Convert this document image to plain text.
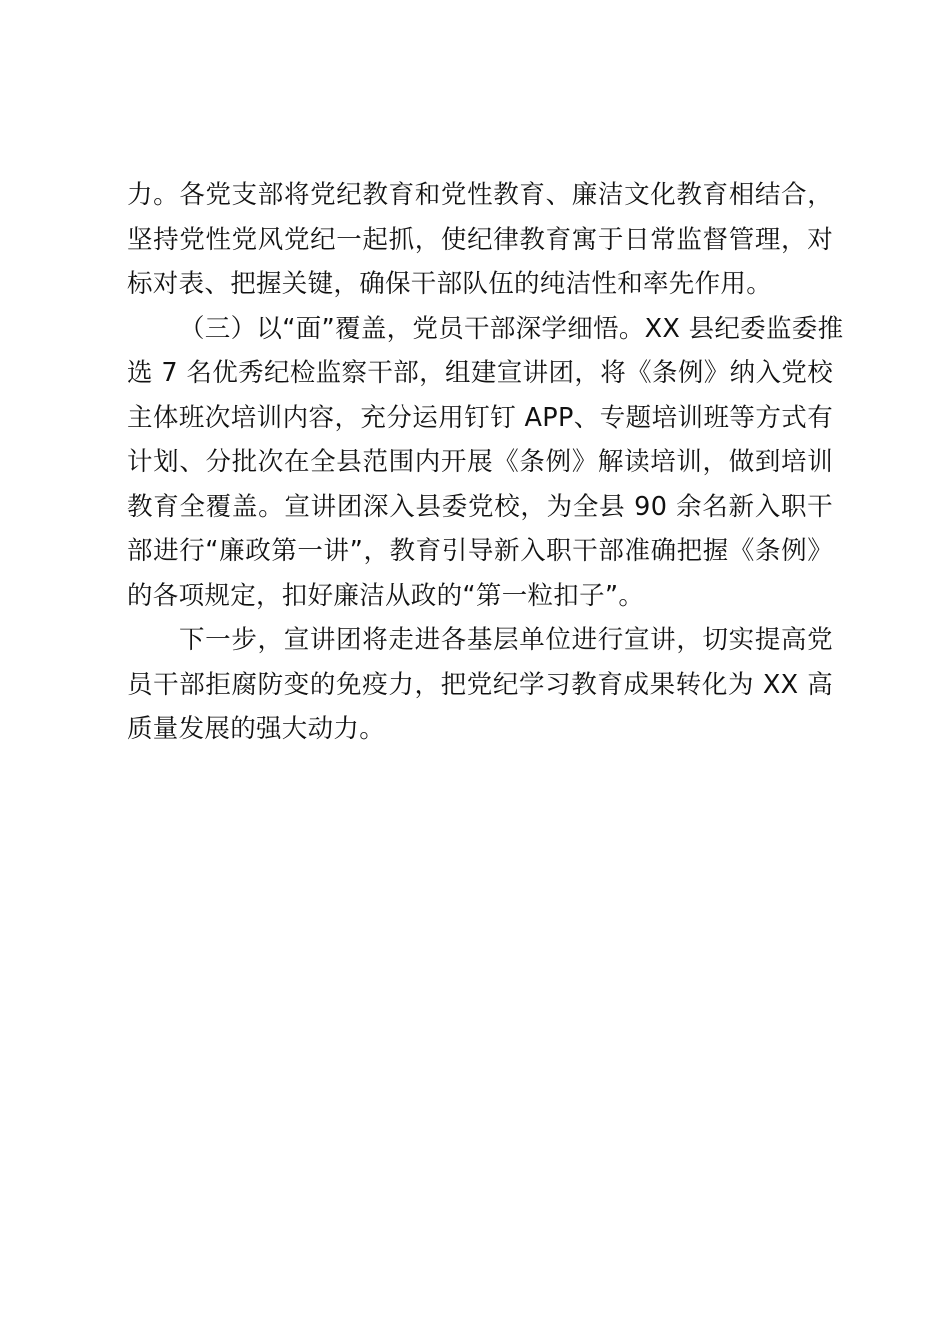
力。各党支部将党纪教育和党性教育、廉洁文化教育相结合，
坚持党性党风党纪一起抓，使纪律教育寓于日常监督管理，对
标对表、把握关键，确保干部队伍的纯洁性和率先作用。

（三）以“面”覆盖，党员干部深学细悟。XX 县纪委监委推
选 7 名优秀纪检监察干部，组建宣讲团，将《条例》纳入党校
主体班次培训内容，充分运用钉钉 APP、专题培训班等方式有
计划、分批次在全县范围内开展《条例》解读培训，做到培训
教育全覆盖。宣讲团深入县委党校，为全县 90 余名新入职干
部进行“廉政第一讲”，教育引导新入职干部准确把握《条例》
的各项规定，扣好廉洁从政的“第一粒扣子”。

下一步，宣讲团将走进各基层单位进行宣讲，切实提高党
员干部拒腐防变的免疫力，把党纪学习教育成果转化为 XX 高
质量发展的强大动力。
